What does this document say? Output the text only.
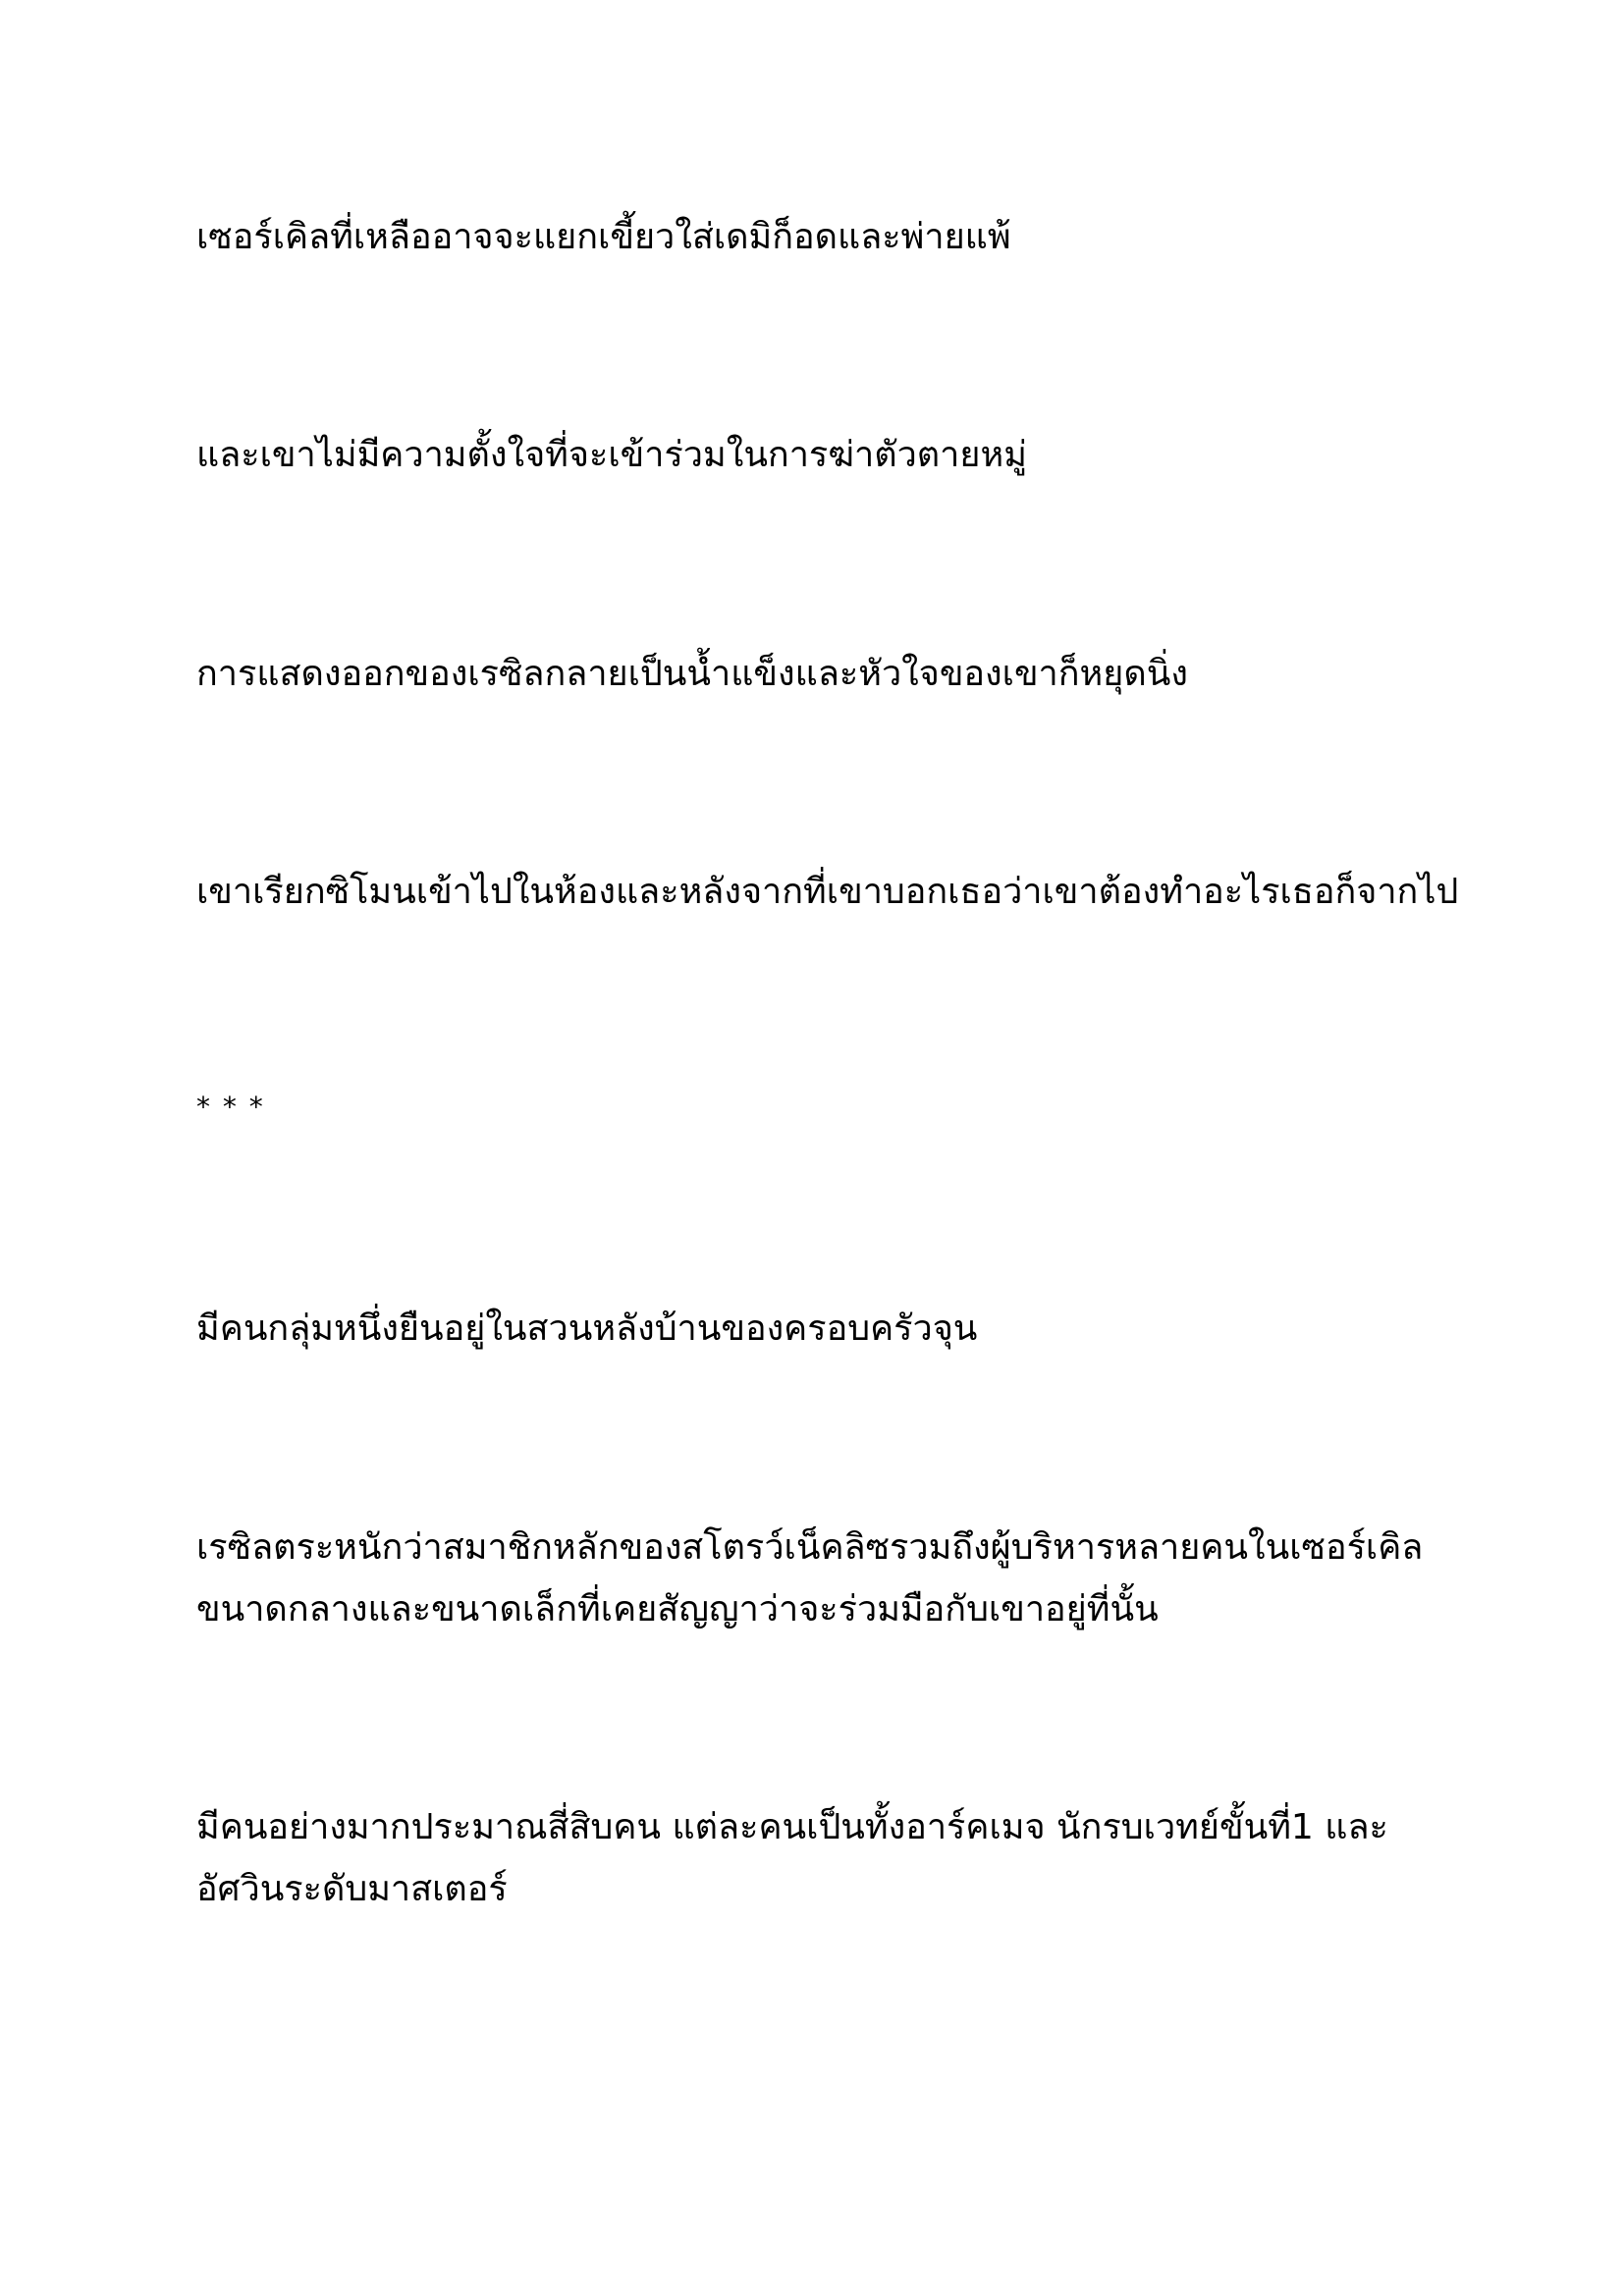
เซอร์เคิลที่เหลืออาจจะแยกเขี้ยวใส่เดมิก็อดและพ่ายแพ้

และเขาไม่มีความตั้งใจที่จะเข้าร่วมในการฆ่าตัวตายหมู่

การแสดงออกของเรซิลกลายเป็นน้ำแข็งและหัวใจของเขาก็หยุดนิ่ง

เขาเรียกซิโมนเข้าไปในห้องและหลังจากที่เขาบอกเธอว่าเขาต้องทำอะไรเธอก็จากไป

* * *

มีคนกลุ่มหนึ่งยืนอยู่ในสวนหลังบ้านของครอบครัวจุน

เรซิลตระหนักว่าสมาชิกหลักของสโตรว์เน็คลิซรวมถึงผู้บริหารหลายคนในเซอร์เคิล
ขนาดกลางและขนาดเล็กที่เคยสัญญาว่าจะร่วมมือกับเขาอยู่ที่นั้น

มีคนอย่างมากประมาณสี่สิบคน แต่ละคนเป็นทั้งอาร์คเมจ นักรบเวทย์ขั้นที่1 และ
อัศวินระดับมาสเตอร์
